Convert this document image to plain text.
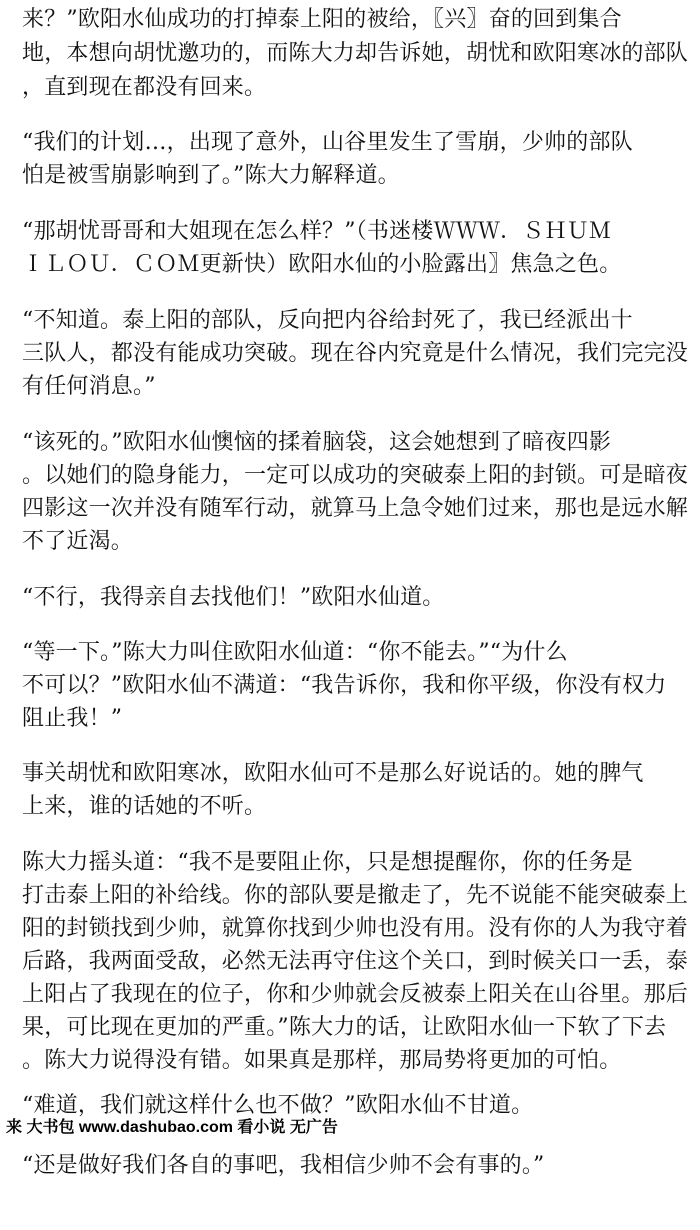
来？”欧阳水仙成功的打掉泰上阳的被给，〖兴〗奋的回到集合
地，本想向胡忧邀功的，而陈大力却告诉她，胡忧和欧阳寒冰的部队
，直到现在都没有回来。
“我们的计划…，出现了意外，山谷里发生了雪崩，少帅的部队
怕是被雪崩影响到了。”陈大力解释道。
“那胡忧哥哥和大姐现在怎么样？”（书迷楼ＷＷＷ．ＳＨＵＭ
ＩＬＯＵ．ＣＯＭ更新快）欧阳水仙的小脸露出〗焦急之色。
“不知道。泰上阳的部队，反向把内谷给封死了，我已经派出十
三队人，都没有能成功突破。现在谷内究竟是什么情况，我们完完没
有任何消息。”
“该死的。”欧阳水仙懊恼的揉着脑袋，这会她想到了暗夜四影
。以她们的隐身能力，一定可以成功的突破泰上阳的封锁。可是暗夜
四影这一次并没有随军行动，就算马上急令她们过来，那也是远水解
不了近渴。
“不行，我得亲自去找他们！”欧阳水仙道。
“等一下。”陈大力叫住欧阳水仙道：“你不能去。”“为什么
不可以？”欧阳水仙不满道：“我告诉你，我和你平级，你没有权力
阻止我！”
事关胡忧和欧阳寒冰，欧阳水仙可不是那么好说话的。她的脾气
上来，谁的话她的不听。
陈大力摇头道：“我不是要阻止你，只是想提醒你，你的任务是
打击泰上阳的补给线。你的部队要是撤走了，先不说能不能突破泰上
阳的封锁找到少帅，就算你找到少帅也没有用。没有你的人为我守着
后路，我两面受敌，必然无法再守住这个关口，到时候关口一丢，泰
上阳占了我现在的位子，你和少帅就会反被泰上阳关在山谷里。那后
果，可比现在更加的严重。”陈大力的话，让欧阳水仙一下软了下去
。陈大力说得没有错。如果真是那样，那局势将更加的可怕。
“难道，我们就这样什么也不做？”欧阳水仙不甘道。
来 大书包 www.dashubao.com 看小说 无广告
“还是做好我们各自的事吧，我相信少帅不会有事的。”
